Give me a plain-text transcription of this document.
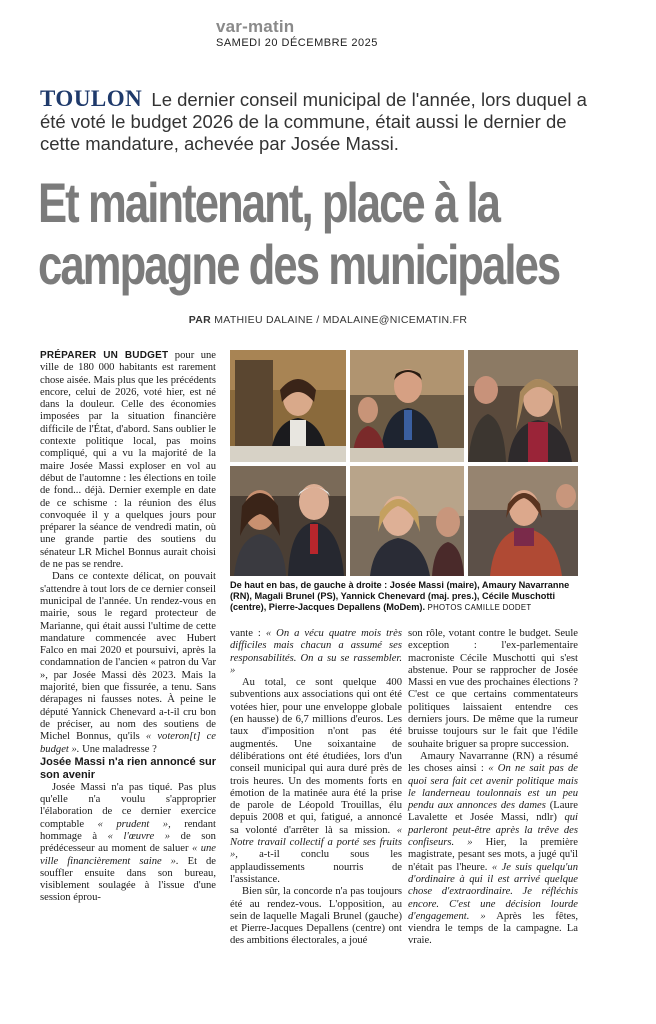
var-matin
SAMEDI 20 DÉCEMBRE 2025
TOULON Le dernier conseil municipal de l'année, lors duquel a été voté le budget 2026 de la commune, était aussi le dernier de cette mandature, achevée par Josée Massi.
Et maintenant, place à la
campagne des municipales
PAR MATHIEU DALAINE / MDALAINE@NICEMATIN.FR

PRÉPARER UN BUDGET pour une ville de 180 000 habitants est rarement chose aisée. Mais plus que les précédents encore, celui de 2026, voté hier, est né dans la douleur. Celle des économies imposées par la situation financière difficile de l'État, d'abord. Sans oublier le contexte politique local, pas moins compliqué, qui a vu la majorité de la maire Josée Massi exploser en vol au début de l'automne : les élections en toile de fond... déjà. Dernier exemple en date de ce schisme : la réunion des élus convoquée il y a quelques jours pour préparer la séance de vendredi matin, où une grande partie des soutiens du sénateur LR Michel Bonnus aurait choisi de ne pas se rendre.

Dans ce contexte délicat, on pouvait s'attendre à tout lors de ce dernier conseil municipal de l'année. Un rendez-vous en mairie, sous le regard protecteur de Marianne, qui était aussi l'ultime de cette mandature commencée avec Hubert Falco en mai 2020 et poursuivi, après la condamnation de l'ancien « patron du Var », par Josée Massi dès 2023. Mais la majorité, bien que fissurée, a tenu. Sans dérapages ni fausses notes. À peine le député Yannick Chenevard a-t-il cru bon de préciser, au nom des soutiens de Michel Bonnus, qu'ils « voteron[t] ce budget ». Une maladresse ?

Josée Massi n'a rien annoncé sur son avenir

Josée Massi n'a pas tiqué. Pas plus qu'elle n'a voulu s'approprier l'élaboration de ce dernier exercice comptable « prudent », rendant hommage à « l'œuvre » de son prédécesseur au moment de saluer « une ville financièrement saine ». Et de souffler ensuite dans son bureau, visiblement soulagée à l'issue d'une session éprou-

De haut en bas, de gauche à droite : Josée Massi (maire), Amaury Navarranne (RN), Magali Brunel (PS), Yannick Chenevard (maj. pres.), Cécile Muschotti (centre), Pierre-Jacques Depallens (MoDem). PHOTOS CAMILLE DODET

vante : « On a vécu quatre mois très difficiles mais chacun a assumé ses responsabilités. On a su se rassembler. »

Au total, ce sont quelque 400 subventions aux associations qui ont été votées hier, pour une enveloppe globale (en hausse) de 6,7 millions d'euros. Les taux d'imposition n'ont pas été augmentés. Une soixantaine de délibérations ont été étudiées, lors d'un conseil municipal qui aura duré près de trois heures. Un des moments forts en émotion de la matinée aura été la prise de parole de Léopold Trouillas, élu depuis 2008 et qui, fatigué, a annoncé sa volonté d'arrêter là sa mission. « Notre travail collectif a porté ses fruits », a-t-il conclu sous les applaudissements nourris de l'assistance.

Bien sûr, la concorde n'a pas toujours été au rendez-vous. L'opposition, au sein de laquelle Magali Brunel (gauche) et Pierre-Jacques Depallens (centre) ont des ambitions électorales, a joué

son rôle, votant contre le budget. Seule exception : l'ex-parlementaire macroniste Cécile Muschotti qui s'est abstenue. Pour se rapprocher de Josée Massi en vue des prochaines élections ? C'est ce que certains commentateurs politiques laissaient entendre ces derniers jours. De même que la rumeur bruisse toujours sur le fait que l'édile souhaite briguer sa propre succession.

Amaury Navarranne (RN) a résumé les choses ainsi : « On ne sait pas de quoi sera fait cet avenir politique mais le landerneau toulonnais est un peu pendu aux annonces des dames (Laure Lavalette et Josée Massi, ndlr) qui parleront peut-être après la trêve des confiseurs. » Hier, la première magistrate, pesant ses mots, a jugé qu'il n'était pas l'heure. « Je suis quelqu'un d'ordinaire à qui il est arrivé quelque chose d'extraordinaire. Je réfléchis encore. C'est une décision lourde d'engagement. » Après les fêtes, viendra le temps de la campagne. La vraie.
